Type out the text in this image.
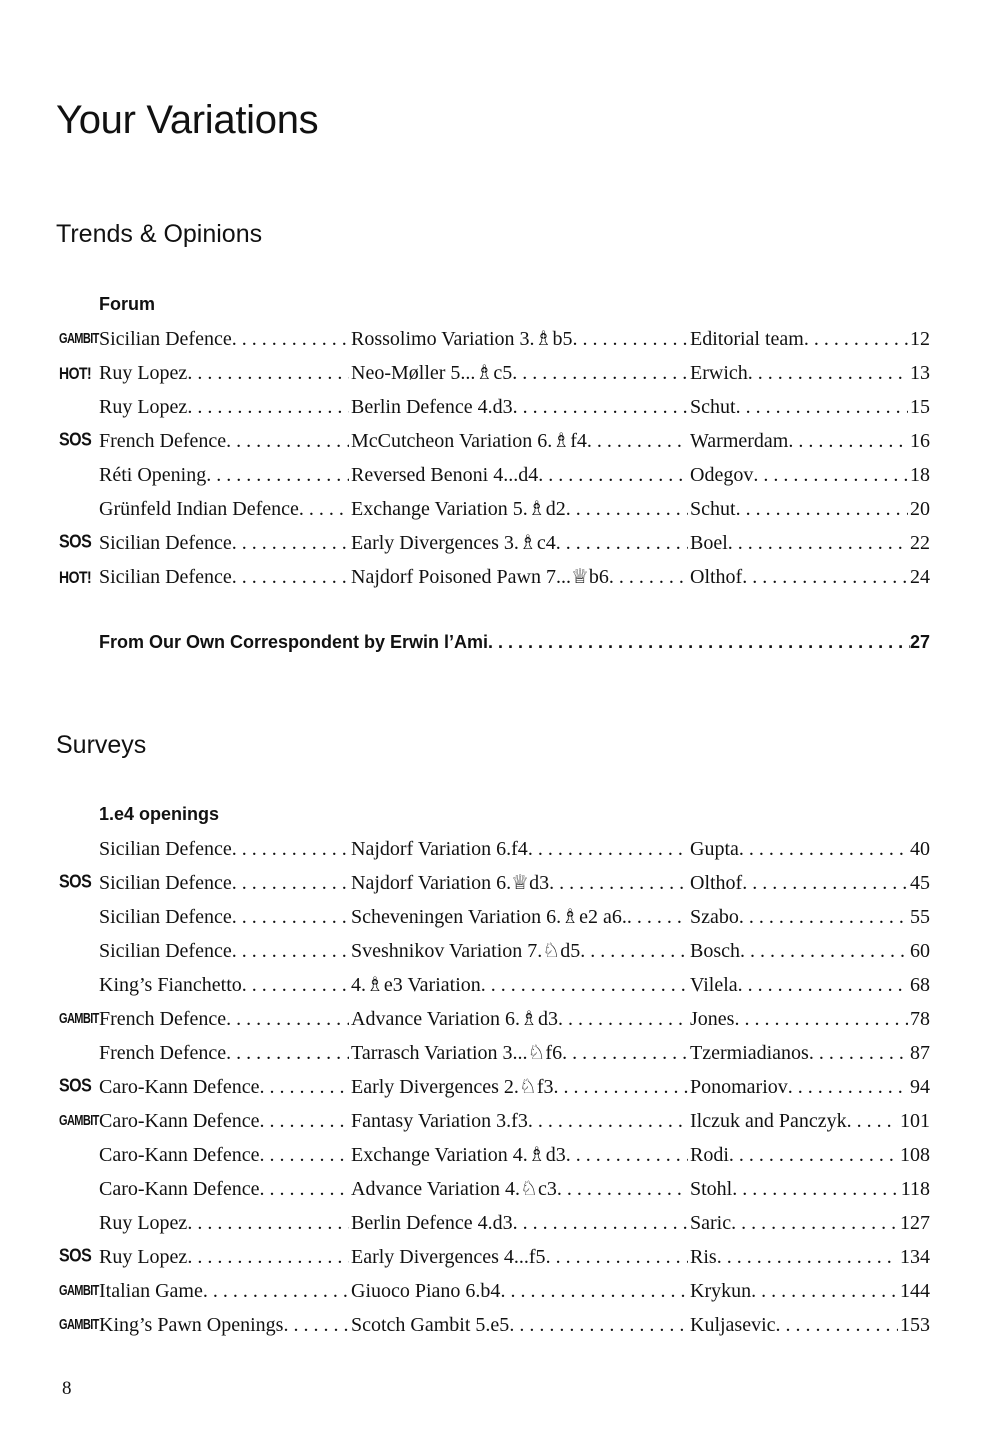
Your Variations
Trends & Opinions
Forum
GAMBIT Sicilian Defence . . .	Rossolimo Variation 3.♗b5 . . .	Editorial team . . .	12
HOT! Ruy Lopez . . .	Neo-Møller 5...♗c5 . . .	Erwich . . .	13
Ruy Lopez . . .	Berlin Defence 4.d3 . . .	Schut . . .	15
SOS French Defence . . .	McCutcheon Variation 6.♗f4 . . .	Warmerdam . . .	16
Réti Opening . . .	Reversed Benoni 4...d4 . . .	Odegov . . .	18
Grünfeld Indian Defence . . .	Exchange Variation 5.♗d2 . . .	Schut . . .	20
SOS Sicilian Defence . . .	Early Divergences 3.♗c4 . . .	Boel . . .	22
HOT! Sicilian Defence . . .	Najdorf Poisoned Pawn 7...♕b6 . . .	Olthof . . .	24
From Our Own Correspondent by Erwin l’Ami . . .	27
Surveys
1.e4 openings
Sicilian Defence . . .	Najdorf Variation 6.f4 . . .	Gupta . . .	40
SOS Sicilian Defence . . .	Najdorf Variation 6.♕d3 . . .	Olthof . . .	45
Sicilian Defence . . .	Scheveningen Variation 6.♗e2 a6. . . .	Szabo . . .	55
Sicilian Defence . . .	Sveshnikov Variation 7.♘d5 . . .	Bosch . . .	60
King’s Fianchetto . . .	4.♗e3 Variation . . .	Vilela . . .	68
GAMBIT French Defence . . .	Advance Variation 6.♗d3 . . .	Jones . . .	78
French Defence . . .	Tarrasch Variation 3...♘f6 . . .	Tzermiadianos . . .	87
SOS Caro-Kann Defence . . .	Early Divergences 2.♘f3 . . .	Ponomariov . . .	94
GAMBIT Caro-Kann Defence . . .	Fantasy Variation 3.f3 . . .	Ilczuk and Panczyk . . .	101
Caro-Kann Defence . . .	Exchange Variation 4.♗d3 . . .	Rodi . . .	108
Caro-Kann Defence . . .	Advance Variation 4.♘c3 . . .	Stohl . . .	118
Ruy Lopez . . .	Berlin Defence 4.d3 . . .	Saric . . .	127
SOS Ruy Lopez . . .	Early Divergences 4...f5 . . .	Ris . . .	134
GAMBIT Italian Game . . .	Giuoco Piano 6.b4 . . .	Krykun . . .	144
GAMBIT King’s Pawn Openings . . .	Scotch Gambit 5.e5 . . .	Kuljasevic . . .	153
8
